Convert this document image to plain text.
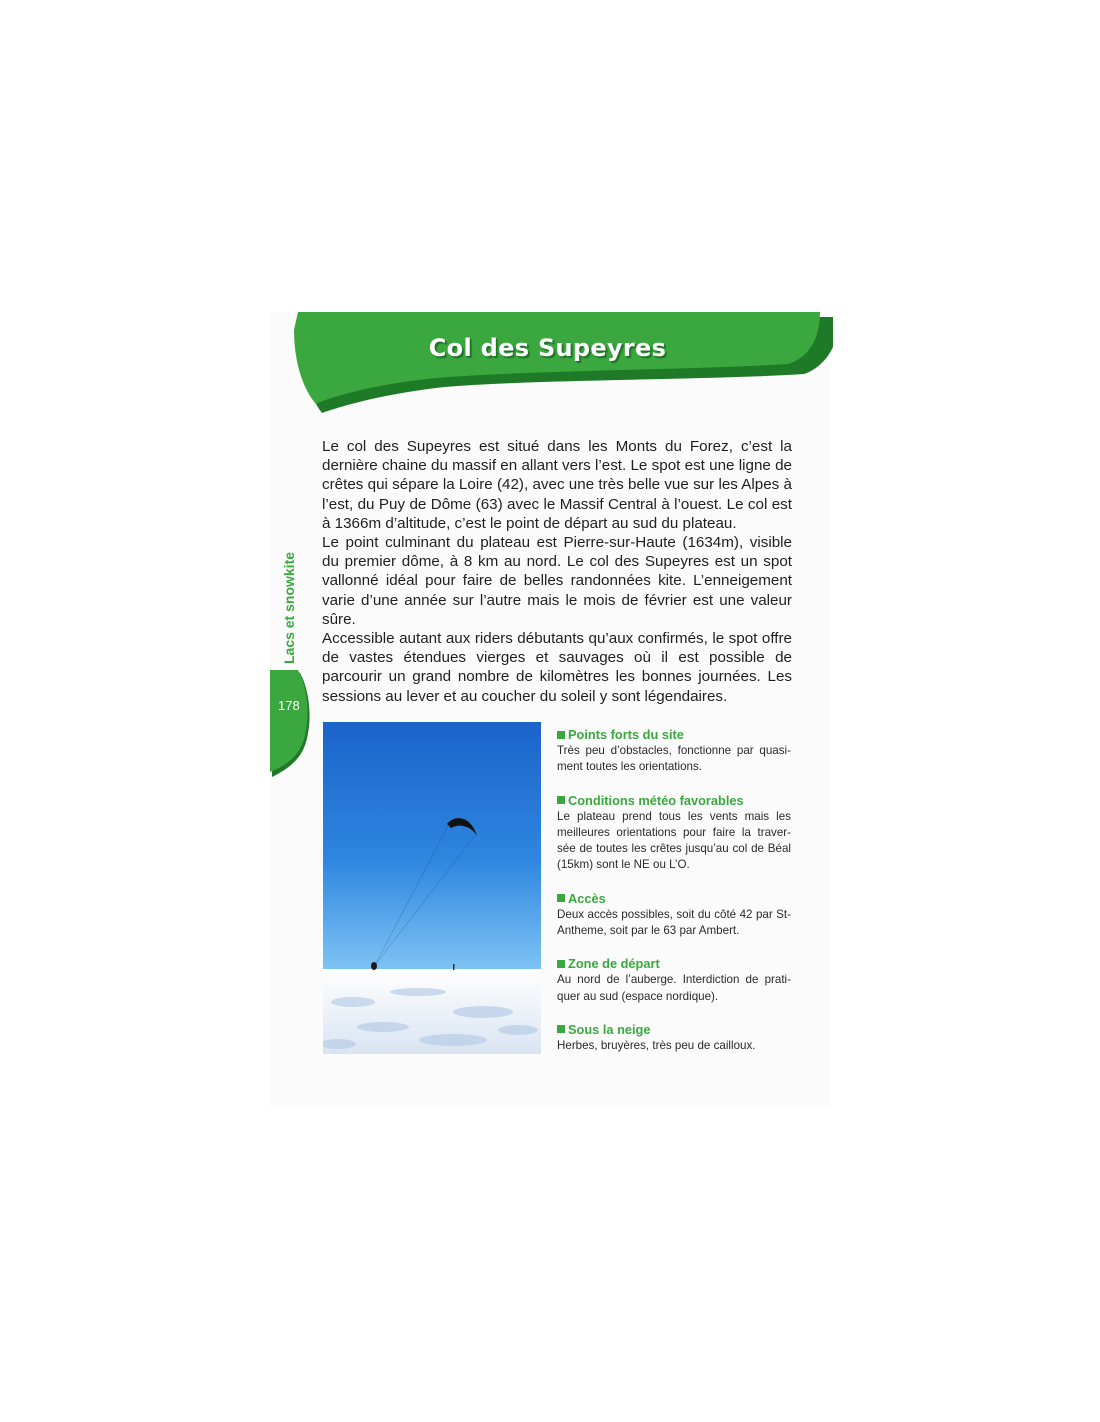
Col des Supeyres

Le col des Supeyres est situé dans les Monts du Forez, c’est la dernière chaine du massif en allant vers l’est. Le spot est une ligne de crêtes qui sépare la Loire (42), avec une très belle vue sur les Alpes à l’est, du Puy de Dôme (63) avec le Massif Central à l’ouest. Le col est à 1366m d’altitude, c’est le point de départ au sud du plateau.

Le point culminant du plateau est Pierre-sur-Haute (1634m), visible du premier dôme, à 8 km au nord. Le col des Supeyres est un spot vallonné idéal pour faire de belles randonnées kite. L’enneigement varie d’une année sur l’autre mais le mois de février est une valeur sûre.

Accessible autant aux riders débutants qu’aux confirmés, le spot offre de vastes étendues vierges et sauvages où il est possible de parcourir un grand nombre de kilomètres les bonnes journées. Les sessions au lever et au coucher du soleil y sont légendaires.

Lacs et snowkite
178
Points forts du site
Très peu d’obstacles, fonctionne par quasi-ment toutes les orientations.
Conditions météo favorables
Le plateau prend tous les vents mais les meilleures orientations pour faire la traver-sée de toutes les crêtes jusqu’au col de Béal (15km) sont le NE ou L’O.
Accès
Deux accès possibles, soit du côté 42 par St-Antheme, soit par le 63 par Ambert.
Zone de départ
Au nord de l’auberge. Interdiction de prati-quer au sud (espace nordique).
Sous la neige
Herbes, bruyères, très peu de cailloux.
